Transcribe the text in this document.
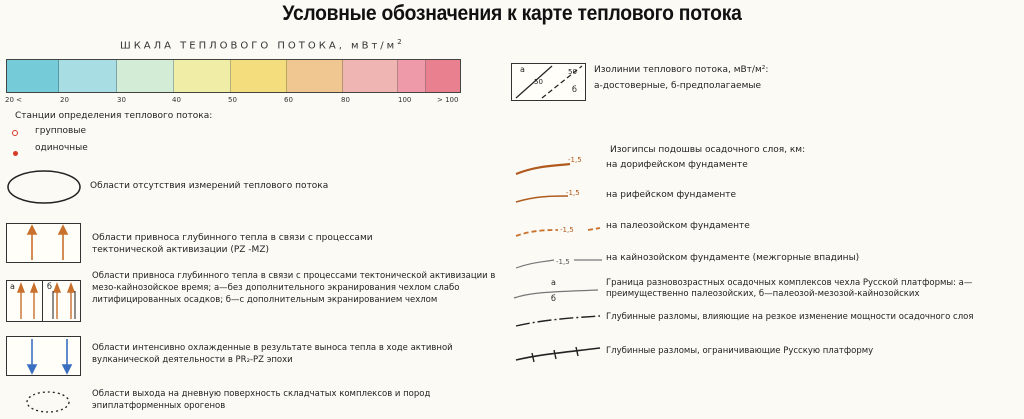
Условные обозначения к карте теплового потока
ШКАЛА ТЕПЛОВОГО ПОТОКА, мВт/$м^2$
20 <	20	30	40	50	60	80	100	> 100
Станции определения теплового потока:
групповые
одиночные
Области отсутствия измерений теплового потока
Области привноса глубинного тепла в связи с процессами тектонической активизации (PZ -MZ)
а	б
Области привноса глубинного тепла в связи с процессами тектонической активизации в мезо-кайнозойское время; а—без дополнительного экранирования чехлом слабо литифицированных осадков; б—с дополнительным экранированием чехлом
Области интенсивно охлажденные в результате выноса тепла в ходе активной вулканической деятельности в PR₂-PZ эпохи
Области выхода на дневную поверхность складчатых комплексов и пород эпиплатформенных орогенов
а
50
50
б
Изолинии теплового потока, мВт/м²:
а-достоверные, б-предполагаемые
Изогипсы подошвы осадочного слоя, км:
-1,5	на дорифейском фундаменте
-1,5	на рифейском фундаменте
-1,5	на палеозойском фундаменте
-1,5	на кайнозойском фундаменте (межгорные впадины)
а
б
Граница разновозрастных осадочных комплексов чехла Русской платформы: а—преимущественно палеозойских, б—палеозой-мезозой-кайнозойских
Глубинные разломы, влияющие на резкое изменение мощности осадочного слоя
Глубинные разломы, ограничивающие Русскую платформу
